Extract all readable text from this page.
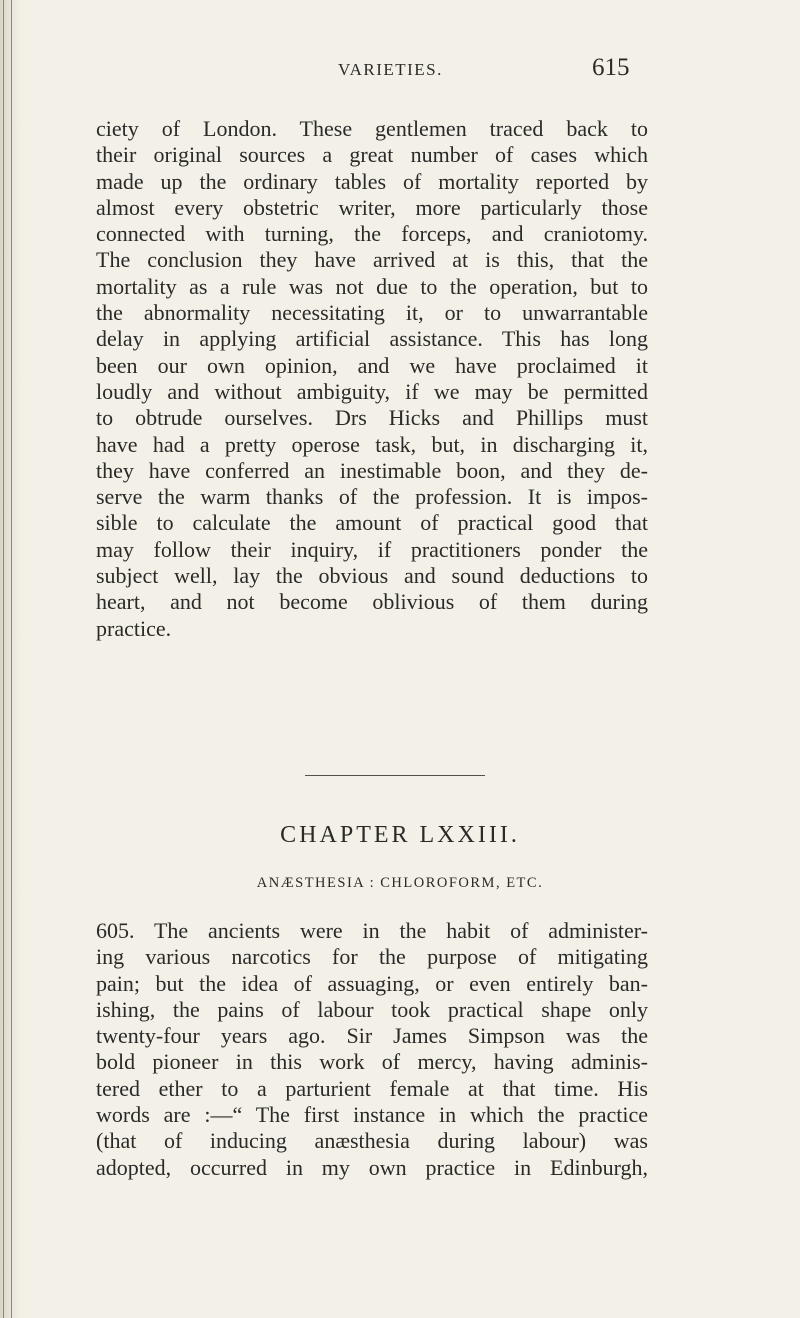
VARIETIES.	615

ciety of London. These gentlemen traced back to
their original sources a great number of cases which
made up the ordinary tables of mortality reported by
almost every obstetric writer, more particularly those
connected with turning, the forceps, and craniotomy.
The conclusion they have arrived at is this, that the
mortality as a rule was not due to the operation, but to
the abnormality necessitating it, or to unwarrantable
delay in applying artificial assistance. This has long
been our own opinion, and we have proclaimed it
loudly and without ambiguity, if we may be permitted
to obtrude ourselves. Drs Hicks and Phillips must
have had a pretty operose task, but, in discharging it,
they have conferred an inestimable boon, and they de-
serve the warm thanks of the profession. It is impos-
sible to calculate the amount of practical good that
may follow their inquiry, if practitioners ponder the
subject well, lay the obvious and sound deductions to
heart, and not become oblivious of them during
practice.

CHAPTER LXXIII.
ANÆSTHESIA : CHLOROFORM, ETC.

605. The ancients were in the habit of administer-
ing various narcotics for the purpose of mitigating
pain; but the idea of assuaging, or even entirely ban-
ishing, the pains of labour took practical shape only
twenty-four years ago. Sir James Simpson was the
bold pioneer in this work of mercy, having adminis-
tered ether to a parturient female at that time. His
words are :—“ The first instance in which the practice
(that of inducing anæsthesia during labour) was
adopted, occurred in my own practice in Edinburgh,
